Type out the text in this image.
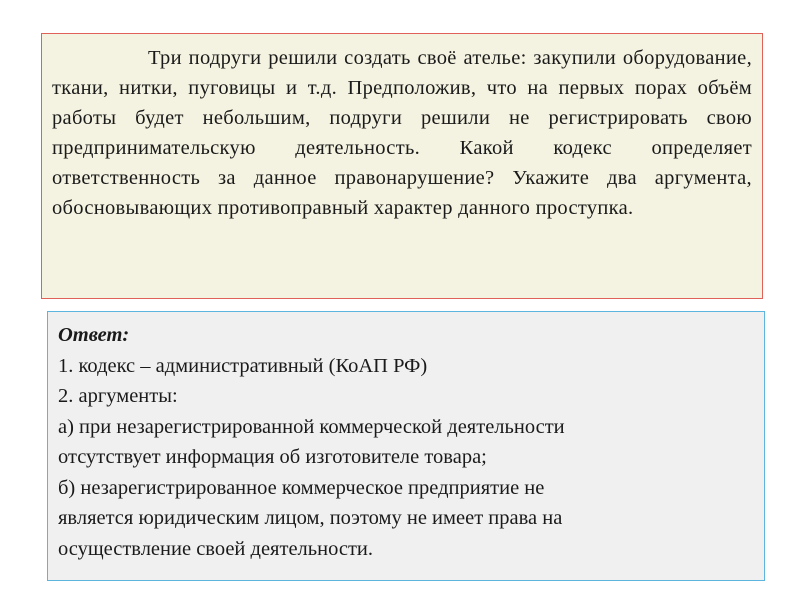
Три подруги решили создать своё ателье: закупили оборудование, ткани, нитки, пуговицы и т.д. Предположив, что на первых порах объём работы будет небольшим, подруги решили не регистрировать свою предпринимательскую деятельность. Какой кодекс определяет ответственность за данное правонарушение? Укажите два аргумента, обосновывающих противоправный характер данного проступка.

Ответ:
1. кодекс – административный (КоАП РФ)
2. аргументы:
а) при незарегистрированной коммерческой деятельности
отсутствует информация об изготовителе товара;
б) незарегистрированное коммерческое предприятие не
является юридическим лицом, поэтому не имеет права на
осуществление своей деятельности.
